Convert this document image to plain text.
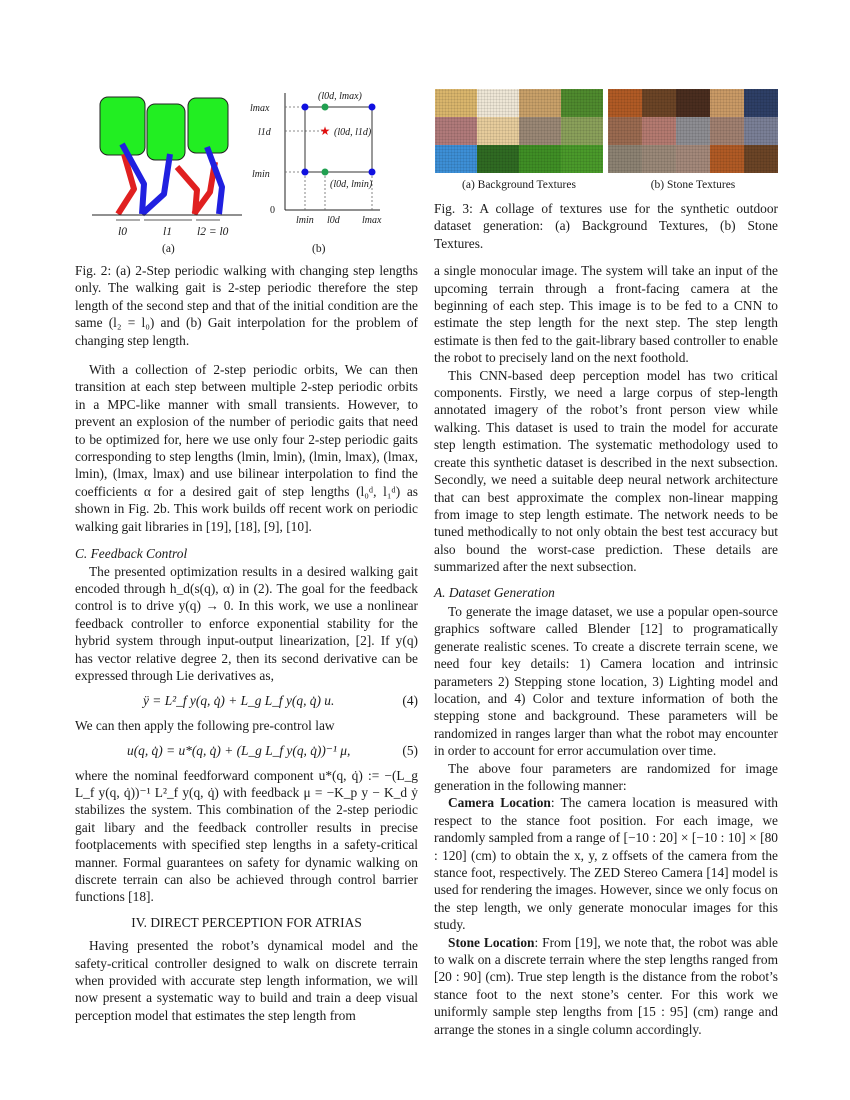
l0	l1 l2 = l0
(a)
★
lmax
l1d
lmin
0
lmin l0d lmax
(l0d, lmax)
(l0d, l1d)
(l0d, lmin)
(b)
(a) Background Textures	(b) Stone Textures

Fig. 2: (a) 2-Step periodic walking with changing step lengths only. The walking gait is 2-step periodic therefore the step length of the second step and that of the initial condition are the same (l₂ = l₀) and (b) Gait interpolation for the problem of changing step length.

With a collection of 2-step periodic orbits, We can then transition at each step between multiple 2-step periodic orbits in a MPC-like manner with small transients. However, to prevent an explosion of the number of periodic gaits that need to be optimized for, here we use only four 2-step periodic gaits corresponding to step lengths (lmin, lmin), (lmin, lmax), (lmax, lmin), (lmax, lmax) and use bilinear interpolation to find the coefficients α for a desired gait of step lengths (l₀ᵈ, l₁ᵈ) as shown in Fig. 2b. This work builds off recent work on periodic walking gait libraries in [19], [18], [9], [10].

C. Feedback Control

The presented optimization results in a desired walking gait encoded through h_d(s(q), α) in (2). The goal for the feedback control is to drive y(q) → 0. In this work, we use a nonlinear feedback controller to enforce exponential stability for the hybrid system through input-output linearization, [2]. If y(q) has vector relative degree 2, then its second derivative can be expressed through Lie derivatives as,

ÿ = L²_f y(q, q̇) + L_g L_f y(q, q̇) u.	(4)

We can then apply the following pre-control law

u(q, q̇) = u*(q, q̇) + (L_g L_f y(q, q̇))⁻¹ μ,	(5)

where the nominal feedforward component u*(q, q̇) := −(L_g L_f y(q, q̇))⁻¹ L²_f y(q, q̇) with feedback μ = −K_p y − K_d ẏ stabilizes the system. This combination of the 2-step periodic gait libary and the feedback controller results in precise footplacements with specified step lengths in a safety-critical manner. Formal guarantees on safety for dynamic walking on discrete terrain can also be achieved through control barrier functions [18].

IV. DIRECT PERCEPTION FOR ATRIAS

Having presented the robot’s dynamical model and the safety-critical controller designed to walk on discrete terrain when provided with accurate step length information, we will now present a systematic way to build and train a deep visual perception model that estimates the step length from

Fig. 3: A collage of textures use for the synthetic outdoor dataset generation: (a) Background Textures, (b) Stone Textures.

a single monocular image. The system will take an input of the upcoming terrain through a front-facing camera at the beginning of each step. This image is to be fed to a CNN to estimate the step length for the next step. The step length estimate is then fed to the gait-library based controller to enable the robot to precisely land on the next foothold.

This CNN-based deep perception model has two critical components. Firstly, we need a large corpus of step-length annotated imagery of the robot’s front person view while walking. This dataset is used to train the model for accurate step length estimation. The systematic methodology used to create this synthetic dataset is described in the next subsection. Secondly, we need a suitable deep neural network architecture that can best approximate the complex non-linear mapping from image to step length estimate. The network needs to be tuned methodically to not only obtain the best test accuracy but also bound the worst-case prediction. These details are summarized after the next subsection.

A. Dataset Generation

To generate the image dataset, we use a popular open-source graphics software called Blender [12] to programatically generate realistic scenes. To create a discrete terrain scene, we need four key details: 1) Camera location and intrinsic parameters 2) Stepping stone location, 3) Lighting model and location, and 4) Color and texture information of both the stepping stone and background. These parameters will be randomized in ranges larger than what the robot may encounter in order to account for error accumulation over time.

The above four parameters are randomized for image generation in the following manner:

Camera Location: The camera location is measured with respect to the stance foot position. For each image, we randomly sampled from a range of [−10 : 20] × [−10 : 10] × [80 : 120] (cm) to obtain the x, y, z offsets of the camera from the stance foot, respectively. The ZED Stereo Camera [14] model is used for rendering the images. However, since we only focus on the step length, we only generate monocular images for this study.

Stone Location: From [19], we note that, the robot was able to walk on a discrete terrain where the step lengths ranged from [20 : 90] (cm). True step length is the distance from the robot’s stance foot to the next stone’s center. For this work we uniformly sample step lengths from [15 : 95] (cm) range and arrange the stones in a single column accordingly.
